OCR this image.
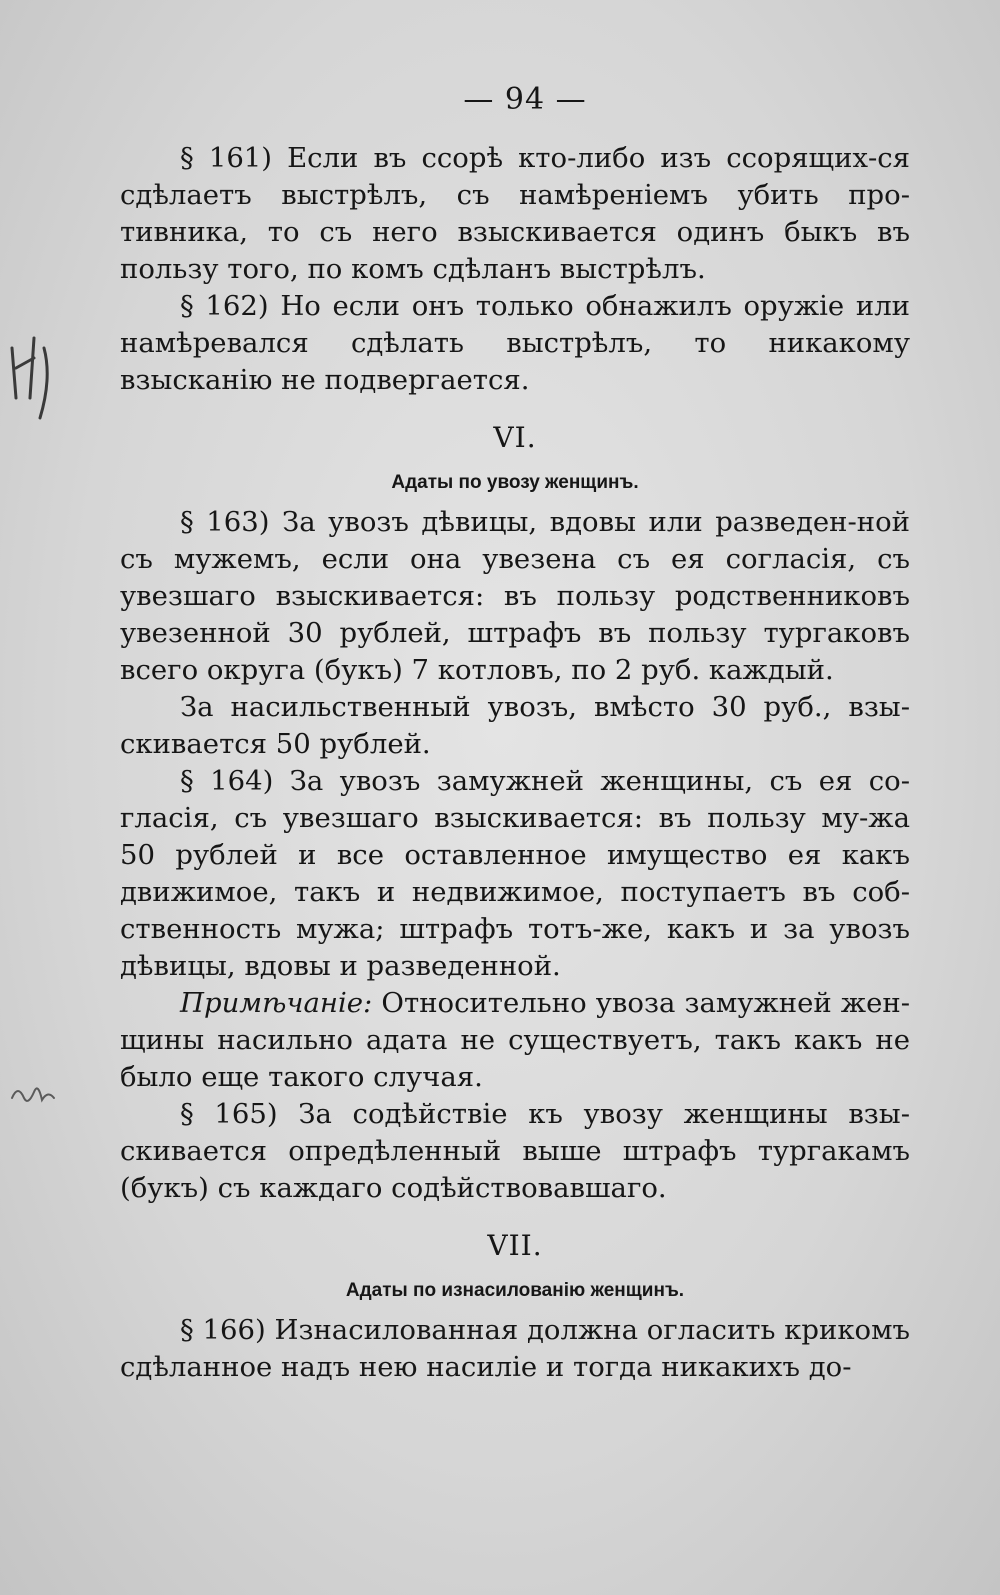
— 94 —

§ 161) Если въ ссорѣ кто-либо изъ ссорящих-ся сдѣлаетъ выстрѣлъ, съ намѣренiемъ убить про-тивника, то съ него взыскивается одинъ быкъ въ пользу того, по комъ сдѣланъ выстрѣлъ.

§ 162) Но если онъ только обнажилъ оружiе или намѣревался сдѣлать выстрѣлъ, то никакому взысканiю не подвергается.

VI.
Адаты по увозу женщинъ.

§ 163) За увозъ дѣвицы, вдовы или разведен-ной съ мужемъ, если она увезена съ ея согласiя, съ увезшаго взыскивается: въ пользу родственниковъ увезенной 30 рублей, штрафъ въ пользу тургаковъ всего округа (букъ) 7 котловъ, по 2 руб. каждый.

За насильственный увозъ, вмѣсто 30 руб., взы-скивается 50 рублей.

§ 164) За увозъ замужней женщины, съ ея со-гласiя, съ увезшаго взыскивается: въ пользу му-жа 50 рублей и все оставленное имущество ея какъ движимое, такъ и недвижимое, поступаетъ въ соб-ственность мужа; штрафъ тотъ-же, какъ и за увозъ дѣвицы, вдовы и разведенной.

Примѣчанiе: Относительно увоза замужней жен-щины насильно адата не существуетъ, такъ какъ не было еще такого случая.

§ 165) За содѣйствiе къ увозу женщины взы-скивается опредѣленный выше штрафъ тургакамъ (букъ) съ каждаго содѣйствовавшаго.

VII.
Адаты по изнасилованiю женщинъ.

§ 166) Изнасилованная должна огласить крикомъ сдѣланное надъ нею насилiе и тогда никакихъ до-
